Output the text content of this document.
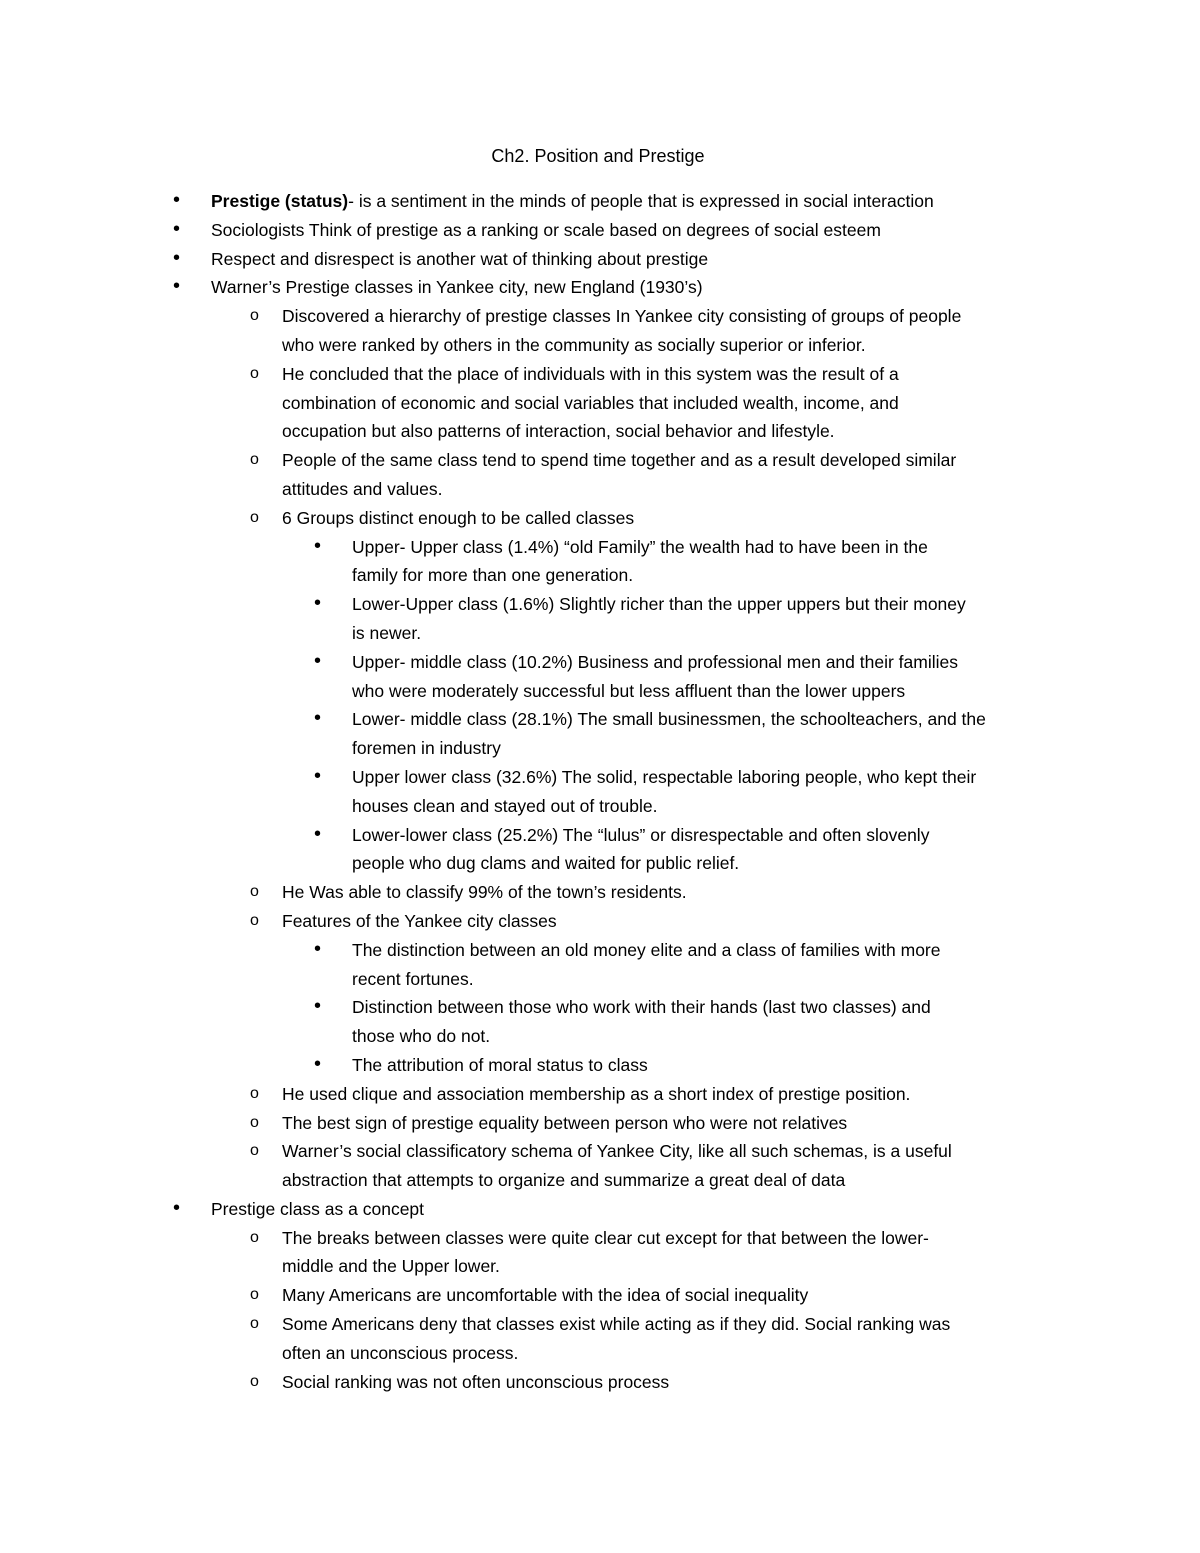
Ch2. Position and Prestige
• Prestige (status)- is a sentiment in the minds of people that is expressed in social interaction
• Sociologists Think of prestige as a ranking or scale based on degrees of social esteem
• Respect and disrespect is another wat of thinking about prestige
• Warner’s Prestige classes in Yankee city, new England (1930’s)
o Discovered a hierarchy of prestige classes In Yankee city consisting of groups of people
who were ranked by others in the community as socially superior or inferior.
o He concluded that the place of individuals with in this system was the result of a
combination of economic and social variables that included wealth, income, and
occupation but also patterns of interaction, social behavior and lifestyle.
o People of the same class tend to spend time together and as a result developed similar
attitudes and values.
o 6 Groups distinct enough to be called classes
• Upper- Upper class (1.4%) “old Family” the wealth had to have been in the
family for more than one generation.
• Lower-Upper class (1.6%) Slightly richer than the upper uppers but their money
is newer.
• Upper- middle class (10.2%) Business and professional men and their families
who were moderately successful but less affluent than the lower uppers
• Lower- middle class (28.1%) The small businessmen, the schoolteachers, and the
foremen in industry
• Upper lower class (32.6%) The solid, respectable laboring people, who kept their
houses clean and stayed out of trouble.
• Lower-lower class (25.2%) The “lulus” or disrespectable and often slovenly
people who dug clams and waited for public relief.
o He Was able to classify 99% of the town’s residents.
o Features of the Yankee city classes
• The distinction between an old money elite and a class of families with more
recent fortunes.
• Distinction between those who work with their hands (last two classes) and
those who do not.
• The attribution of moral status to class
o He used clique and association membership as a short index of prestige position.
o The best sign of prestige equality between person who were not relatives
o Warner’s social classificatory schema of Yankee City, like all such schemas, is a useful
abstraction that attempts to organize and summarize a great deal of data
• Prestige class as a concept
o The breaks between classes were quite clear cut except for that between the lower-
middle and the Upper lower.
o Many Americans are uncomfortable with the idea of social inequality
o Some Americans deny that classes exist while acting as if they did. Social ranking was
often an unconscious process.
o Social ranking was not often unconscious process
